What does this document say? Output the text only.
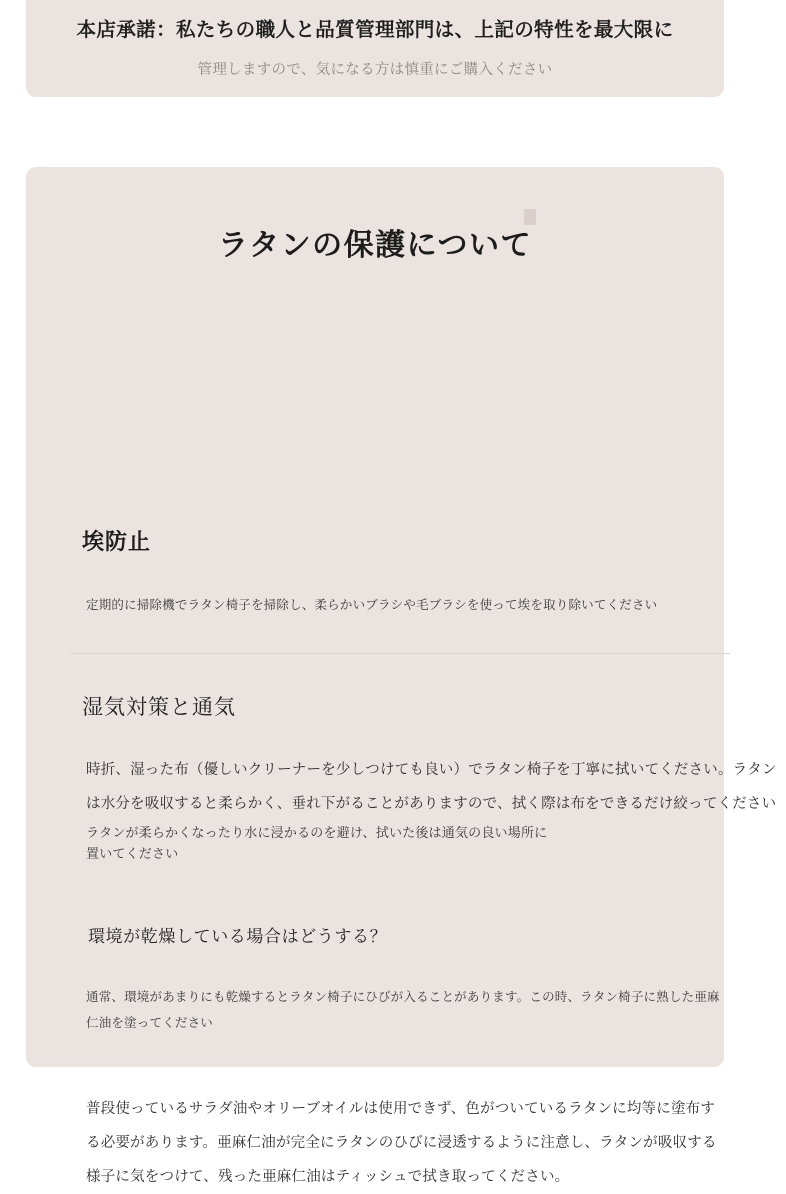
本店承諾：私たちの職人と品質管理部門は、上記の特性を最大限に
管理しますので、気になる方は慎重にご購入ください
ラタンの保護について
埃防止
定期的に掃除機でラタン椅子を掃除し、柔らかいブラシや毛ブラシを使って埃を取り除いてください
湿気対策と通気
時折、湿った布（優しいクリーナーを少しつけても良い）でラタン椅子を丁寧に拭いてください。ラタンは水分を吸収すると柔らかく、垂れ下がることがありますので、拭く際は布をできるだけ絞ってください
ラタンが柔らかくなったり水に浸かるのを避け、拭いた後は通気の良い場所に置いてください
環境が乾燥している場合はどうする？
通常、環境があまりにも乾燥するとラタン椅子にひびが入ることがあります。この時、ラタン椅子に熟した亜麻仁油を塗ってください
普段使っているサラダ油やオリーブオイルは使用できず、色がついているラタンに均等に塗布する必要があります。亜麻仁油が完全にラタンのひびに浸透するように注意し、ラタンが吸収する様子に気をつけて、残った亜麻仁油はティッシュで拭き取ってください。
